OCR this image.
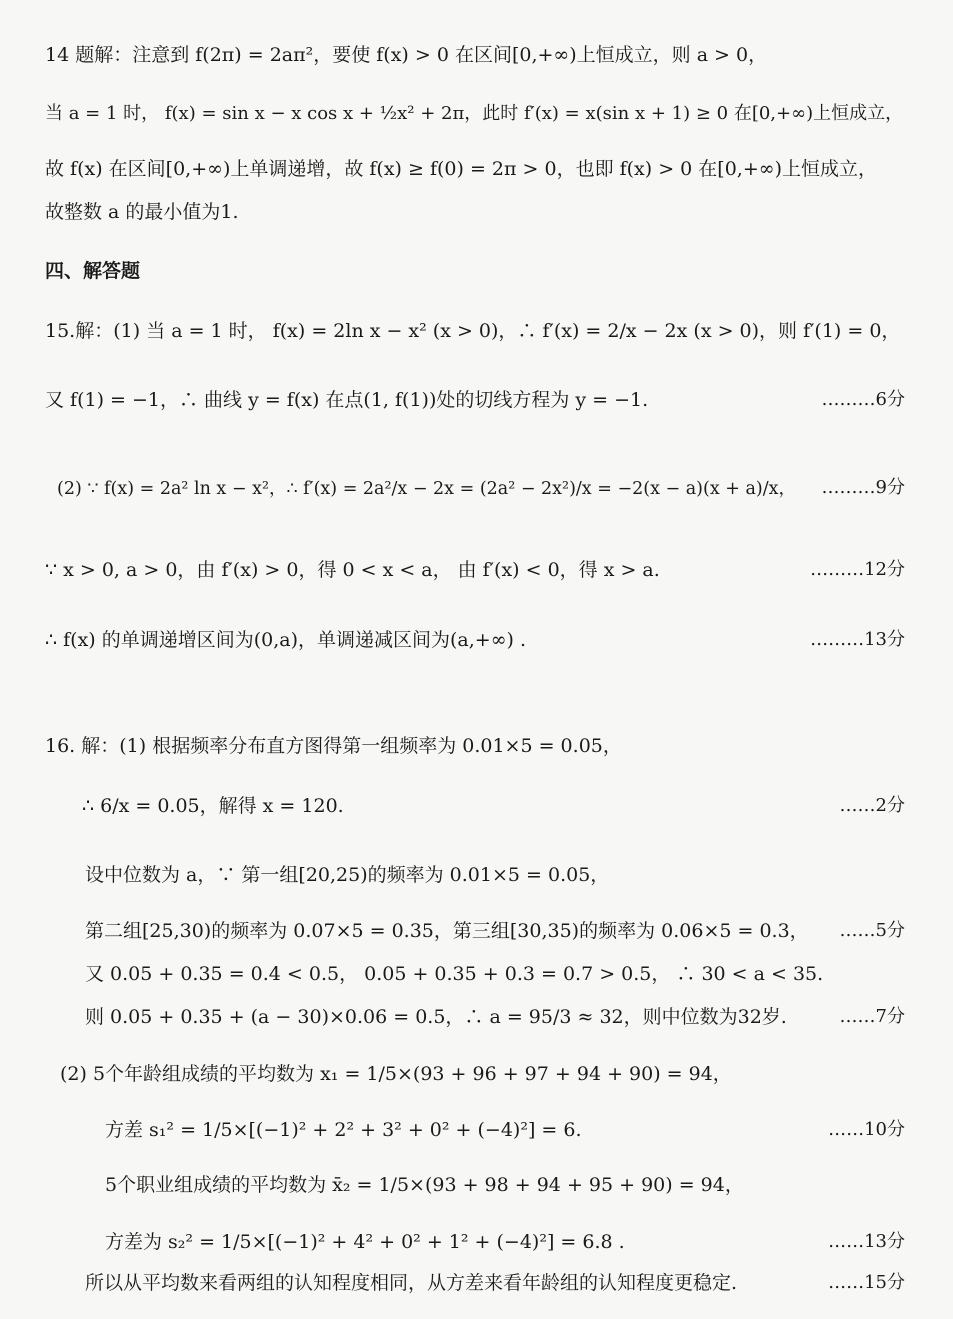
14 题解：注意到 f(2π) = 2aπ²，要使 f(x) > 0 在区间[0,+∞)上恒成立，则 a > 0，
当 a = 1 时， f(x) = sin x − x cos x + ½x² + 2π，此时 f′(x) = x(sin x + 1) ≥ 0 在[0,+∞)上恒成立，
故 f(x) 在区间[0,+∞)上单调递增，故 f(x) ≥ f(0) = 2π > 0，也即 f(x) > 0 在[0,+∞)上恒成立，
故整数 a 的最小值为1.
四、解答题
15.解：(1) 当 a = 1 时， f(x) = 2ln x − x² (x > 0)，∴ f′(x) = 2/x − 2x (x > 0)，则 f′(1) = 0，
又 f(1) = −1，∴ 曲线 y = f(x) 在点(1, f(1))处的切线方程为 y = −1.	………6分
(2) ∵ f(x) = 2a² ln x − x²，∴ f′(x) = 2a²/x − 2x = (2a² − 2x²)/x = −2(x − a)(x + a)/x， ………9分
∵ x > 0, a > 0，由 f′(x) > 0，得 0 < x < a， 由 f′(x) < 0，得 x > a.	………12分
∴ f(x) 的单调递增区间为(0,a)，单调递减区间为(a,+∞) .	………13分
16. 解：(1) 根据频率分布直方图得第一组频率为 0.01×5 = 0.05，
∴ 6/x = 0.05，解得 x = 120.	……2分
设中位数为 a，∵ 第一组[20,25)的频率为 0.01×5 = 0.05，
第二组[25,30)的频率为 0.07×5 = 0.35，第三组[30,35)的频率为 0.06×5 = 0.3， ……5分
又 0.05 + 0.35 = 0.4 < 0.5， 0.05 + 0.35 + 0.3 = 0.7 > 0.5， ∴ 30 < a < 35.
则 0.05 + 0.35 + (a − 30)×0.06 = 0.5，∴ a = 95/3 ≈ 32，则中位数为32岁.	……7分
(2) 5个年龄组成绩的平均数为 x₁ = 1/5×(93 + 96 + 97 + 94 + 90) = 94，
方差 s₁² = 1/5×[(−1)² + 2² + 3² + 0² + (−4)²] = 6.	……10分
5个职业组成绩的平均数为 x̄₂ = 1/5×(93 + 98 + 94 + 95 + 90) = 94，
方差为 s₂² = 1/5×[(−1)² + 4² + 0² + 1² + (−4)²] = 6.8 .	……13分
所以从平均数来看两组的认知程度相同，从方差来看年龄组的认知程度更稳定.	……15分
